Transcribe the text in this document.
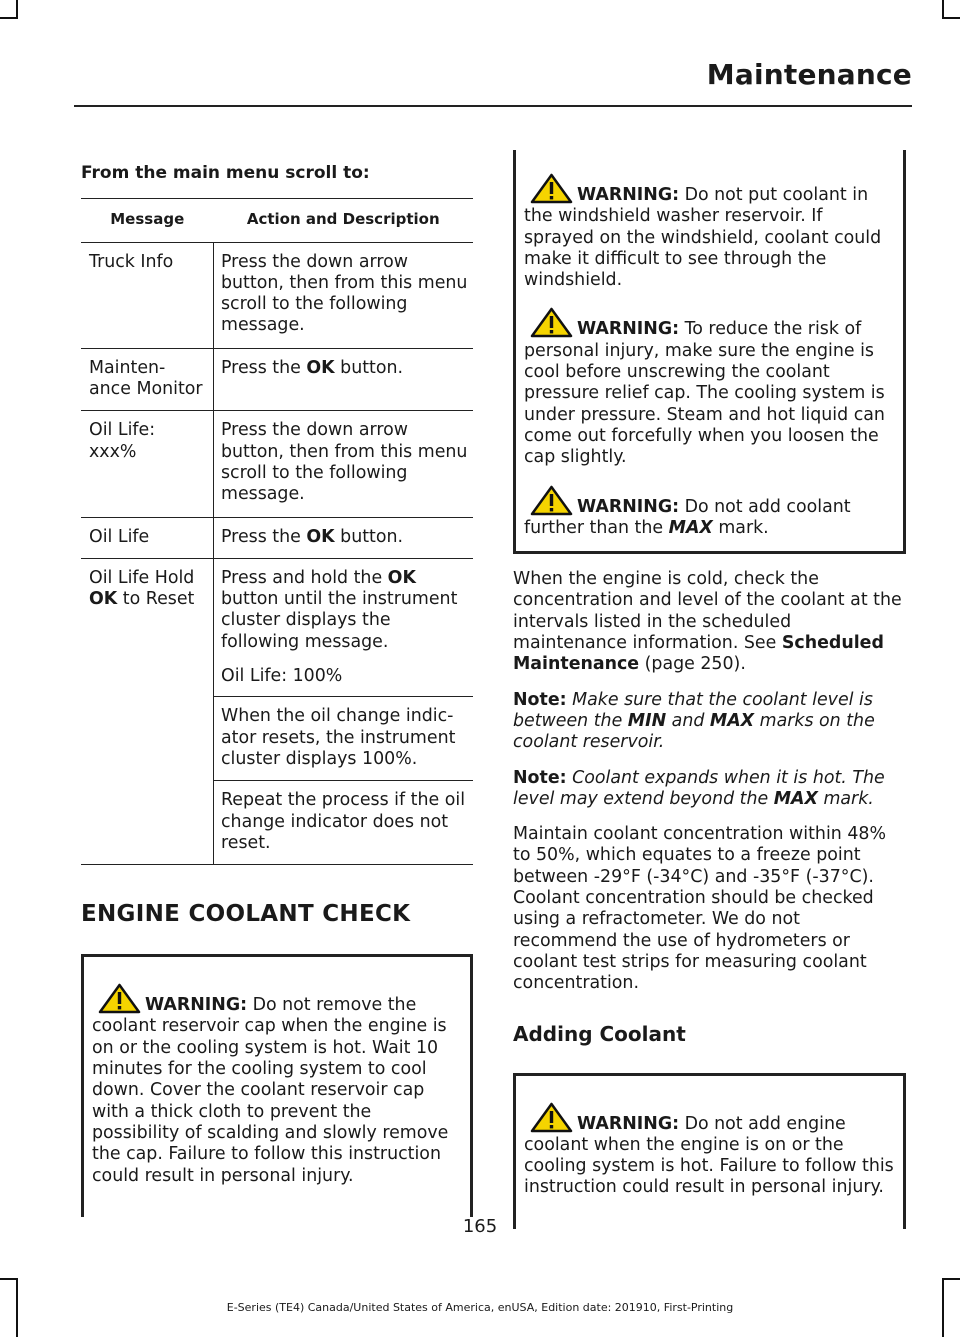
Maintenance
From the main menu scroll to:
Message	Action and Description
Truck Info	Press the down arrow button, then from this menu scroll to the following message.

Mainten-ance Monitor	Press the OK button.

Oil Life: xxx%	Press the down arrow button, then from this menu scroll to the following message.

Oil Life	Press the OK button.

Oil Life Hold OK to Reset	Press and hold the OK button until the instrument cluster displays the following message.
Oil Life: 100%
When the oil change indic-ator resets, the instrument cluster displays 100%.
Repeat the process if the oil change indicator does not reset.
ENGINE COOLANT CHECK

WARNING: Do not remove the coolant reservoir cap when the engine is on or the cooling system is hot. Wait 10 minutes for the cooling system to cool down. Cover the coolant reservoir cap with a thick cloth to prevent the possibility of scalding and slowly remove the cap. Failure to follow this instruction could result in personal injury.

WARNING: Do not put coolant in the windshield washer reservoir. If sprayed on the windshield, coolant could make it difficult to see through the windshield.

WARNING: To reduce the risk of personal injury, make sure the engine is cool before unscrewing the coolant pressure relief cap. The cooling system is under pressure. Steam and hot liquid can come out forcefully when you loosen the cap slightly.

WARNING: Do not add coolant further than the MAX mark.

When the engine is cold, check the concentration and level of the coolant at the intervals listed in the scheduled maintenance information. See Scheduled Maintenance (page 250).

Note: Make sure that the coolant level is between the MIN and MAX marks on the coolant reservoir.

Note: Coolant expands when it is hot. The level may extend beyond the MAX mark.

Maintain coolant concentration within 48% to 50%, which equates to a freeze point between -29°F (-34°C) and -35°F (-37°C). Coolant concentration should be checked using a refractometer. We do not recommend the use of hydrometers or coolant test strips for measuring coolant concentration.

Adding Coolant

WARNING: Do not add engine coolant when the engine is on or the cooling system is hot. Failure to follow this instruction could result in personal injury.

165
E-Series (TE4) Canada/United States of America, enUSA, Edition date: 201910, First-Printing
